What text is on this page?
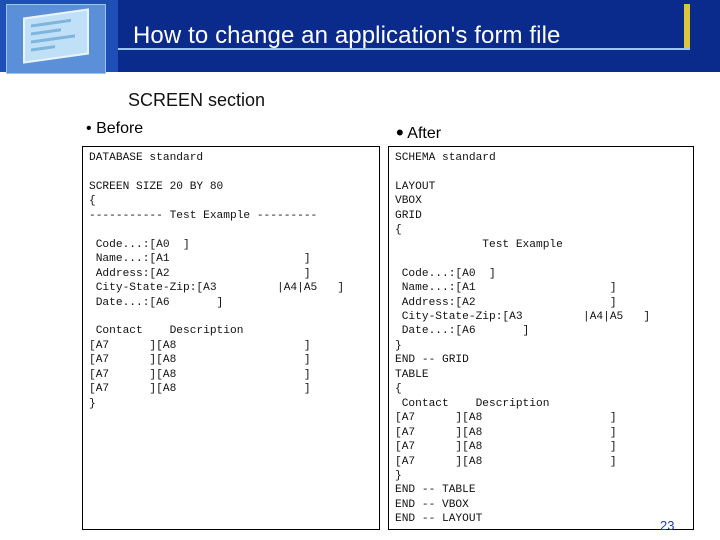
How to change an application's form file
SCREEN section
• Before	• After
DATABASE standard

SCREEN SIZE 20 BY 80
{
----------- Test Example ---------

Code...:[A0  ]
Name...:[A1                    ]
Address:[A2                    ]
City-State-Zip:[A3         |A4|A5   ]
Date...:[A6       ]

Contact    Description
[A7      ][A8                   ]
[A7      ][A8                   ]
[A7      ][A8                   ]
[A7      ][A8                   ]
}
SCHEMA standard

LAYOUT
VBOX
GRID
{
Test Example

Code...:[A0  ]
Name...:[A1                    ]
Address:[A2                    ]
City-State-Zip:[A3         |A4|A5   ]
Date...:[A6       ]
}
END -- GRID
TABLE
{
Contact    Description
[A7      ][A8                   ]
[A7      ][A8                   ]
[A7      ][A8                   ]
[A7      ][A8                   ]
}
END -- TABLE
END -- VBOX
END -- LAYOUT	23
